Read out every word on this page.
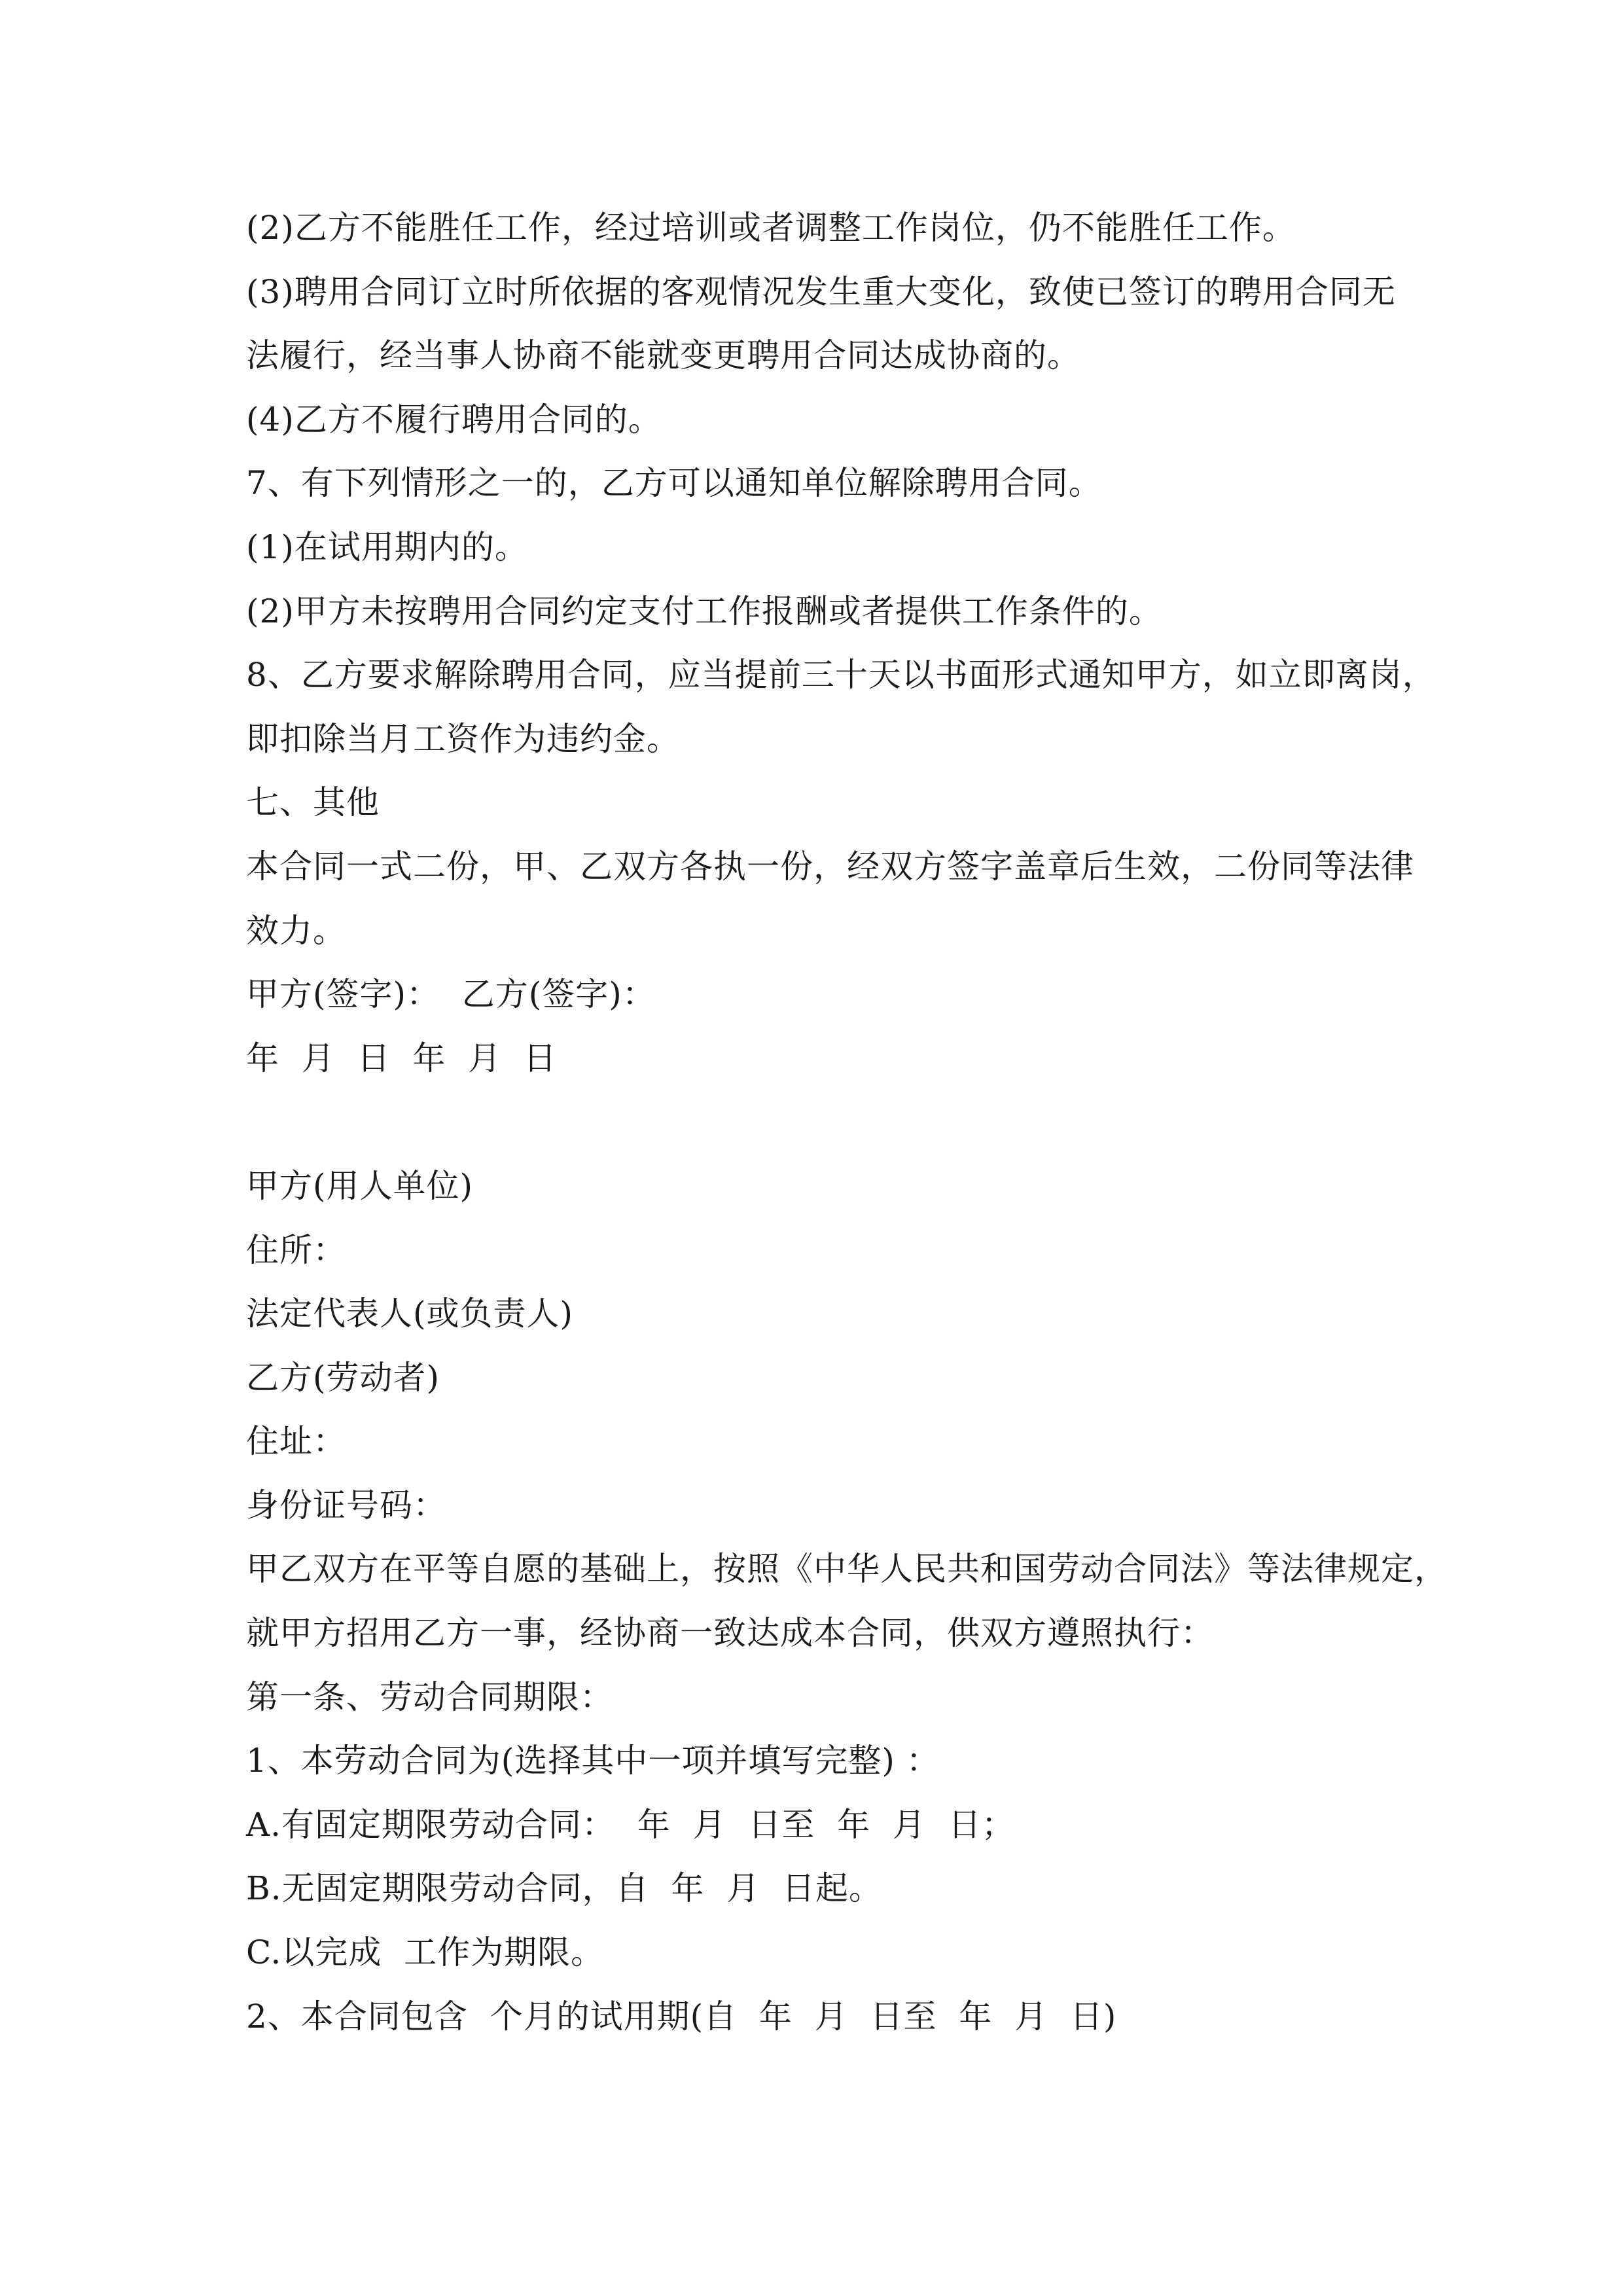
(2)乙方不能胜任工作，经过培训或者调整工作岗位，仍不能胜任工作。
(3)聘用合同订立时所依据的客观情况发生重大变化，致使已签订的聘用合同无
法履行，经当事人协商不能就变更聘用合同达成协商的。
(4)乙方不履行聘用合同的。
7、有下列情形之一的，乙方可以通知单位解除聘用合同。
(1)在试用期内的。
(2)甲方未按聘用合同约定支付工作报酬或者提供工作条件的。
8、乙方要求解除聘用合同，应当提前三十天以书面形式通知甲方，如立即离岗，
即扣除当月工资作为违约金。
七、其他
本合同一式二份，甲、乙双方各执一份，经双方签字盖章后生效，二份同等法律
效力。
甲方(签字)：  乙方(签字)：
年  月  日  年  月  日
甲方(用人单位)
住所：
法定代表人(或负责人)
乙方(劳动者)
住址：
身份证号码：
甲乙双方在平等自愿的基础上，按照《中华人民共和国劳动合同法》等法律规定，
就甲方招用乙方一事，经协商一致达成本合同，供双方遵照执行：
第一条、劳动合同期限：
1、本劳动合同为(选择其中一项并填写完整) ：
A.有固定期限劳动合同：  年  月  日至  年  月  日；
B.无固定期限劳动合同，自  年  月  日起。
C.以完成  工作为期限。
2、本合同包含  个月的试用期(自  年  月  日至  年  月  日)
